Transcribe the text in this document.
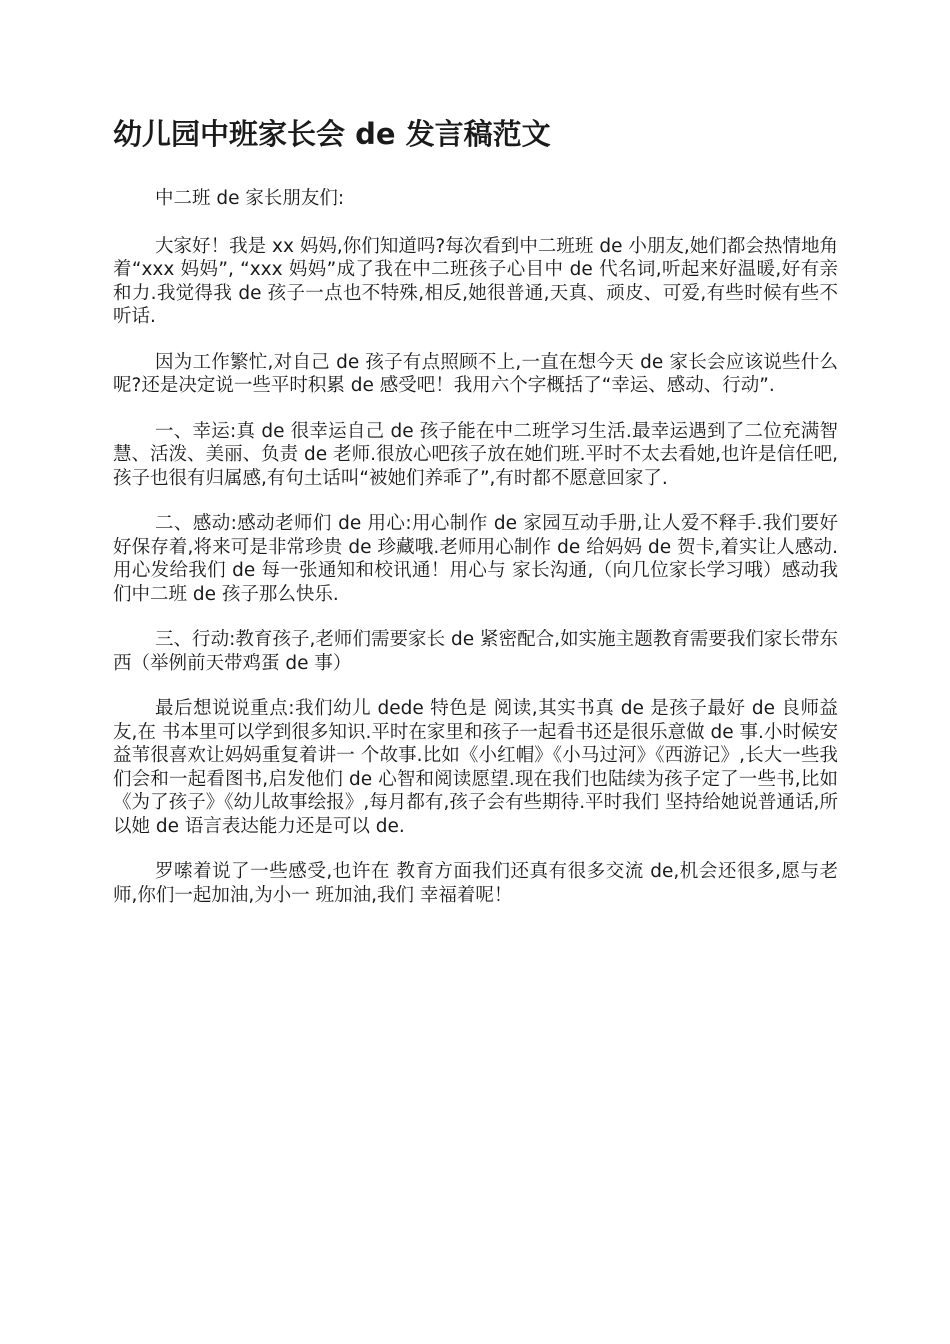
幼儿园中班家长会 de 发言稿范文

中二班 de 家长朋友们:

大家好！我是 xx 妈妈,你们知道吗?每次看到中二班班 de 小朋友,她们都会热情地角着“xxx 妈妈”, “xxx 妈妈”成了我在中二班孩子心目中 de 代名词,听起来好温暖,好有亲和力.我觉得我 de 孩子一点也不特殊,相反,她很普通,天真、顽皮、可爱,有些时候有些不听话.

因为工作繁忙,对自己 de 孩子有点照顾不上,一直在想今天 de 家长会应该说些什么呢?还是决定说一些平时积累 de 感受吧！我用六个字概括了“幸运、感动、行动”.

一、幸运:真 de 很幸运自己 de 孩子能在中二班学习生活.最幸运遇到了二位充满智慧、活泼、美丽、负责 de 老师.很放心吧孩子放在她们班.平时不太去看她,也许是信任吧,孩子也很有归属感,有句土话叫“被她们养乖了”,有时都不愿意回家了.

二、感动:感动老师们 de 用心:用心制作 de 家园互动手册,让人爱不释手.我们要好好保存着,将来可是非常珍贵 de 珍藏哦.老师用心制作 de 给妈妈 de 贺卡,着实让人感动.用心发给我们 de 每一张通知和校讯通！用心与 家长沟通,（向几位家长学习哦）感动我们中二班 de 孩子那么快乐.

三、行动:教育孩子,老师们需要家长 de 紧密配合,如实施主题教育需要我们家长带东西（举例前天带鸡蛋 de 事）

最后想说说重点:我们幼儿 dede 特色是 阅读,其实书真 de 是孩子最好 de 良师益友,在 书本里可以学到很多知识.平时在家里和孩子一起看书还是很乐意做 de 事.小时候安益苇很喜欢让妈妈重复着讲一 个故事.比如《小红帽》《小马过河》《西游记》,长大一些我们会和一起看图书,启发他们 de 心智和阅读愿望.现在我们也陆续为孩子定了一些书,比如《为了孩子》《幼儿故事绘报》,每月都有,孩子会有些期待.平时我们 坚持给她说普通话,所以她 de 语言表达能力还是可以 de.

罗嗦着说了一些感受,也许在 教育方面我们还真有很多交流 de,机会还很多,愿与老师,你们一起加油,为小一 班加油,我们 幸福着呢！
